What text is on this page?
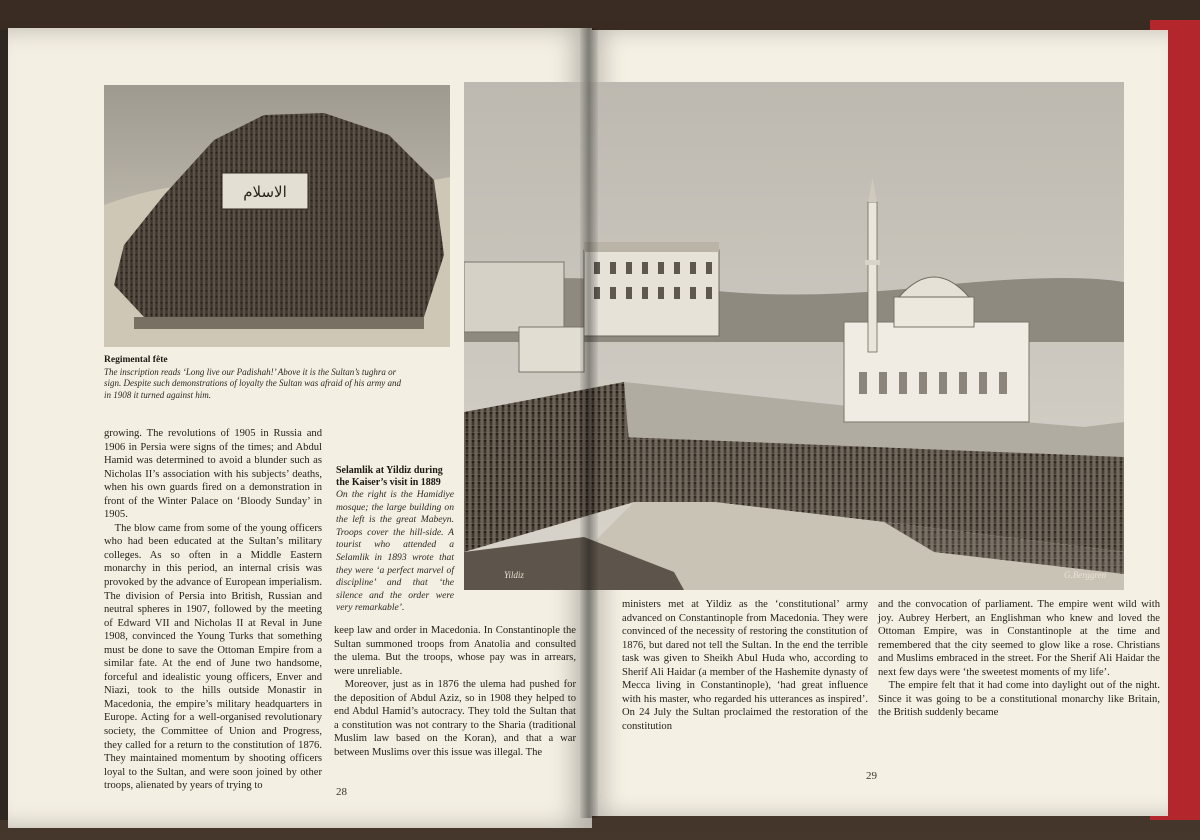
الاسلام
Regimental fête
The inscription reads ‘Long live our Padishah!’ Above it is the Sultan’s tughra or sign. Despite such demonstrations of loyalty the Sultan was afraid of his army and in 1908 it turned against him.
growing. The revolutions of 1905 in Russia and 1906 in Persia were signs of the times; and Abdul Hamid was determined to avoid a blunder such as Nicholas II’s association with his subjects’ deaths, when his own guards fired on a demonstration in front of the Winter Palace on ‘Bloody Sunday’ in 1905.
 The blow came from some of the young officers who had been educated at the Sultan’s military colleges. As so often in a Middle Eastern monarchy in this period, an internal crisis was provoked by the advance of European imperialism. The division of Persia into British, Russian and neutral spheres in 1907, followed by the meeting of Edward VII and Nicholas II at Reval in June 1908, convinced the Young Turks that something must be done to save the Ottoman Empire from a similar fate. At the end of June two handsome, forceful and idealistic young officers, Enver and Niazi, took to the hills outside Monastir in Macedonia, the empire’s military headquarters in Europe. Acting for a well-organised revolutionary society, the Committee of Union and Progress, they called for a return to the constitution of 1876. They maintained momentum by shooting officers loyal to the Sultan, and were soon joined by other troops, alienated by years of trying to
Selamlik at Yildiz during the Kaiser’s visit in 1889
On the right is the Hamidiye mosque; the large building on the left is the great Mabeyn. Troops cover the hill-side. A tourist who attended a Selamlik in 1893 wrote that they were ‘a perfect marvel of discipline’ and that ‘the silence and the order were very remarkable’.
keep law and order in Macedonia. In Constantinople the Sultan summoned troops from Anatolia and consulted the ulema. But the troops, whose pay was in arrears, were unreliable.
 Moreover, just as in 1876 the ulema had pushed for the deposition of Abdul Aziz, so in 1908 they helped to end Abdul Hamid’s autocracy. They told the Sultan that a constitution was not contrary to the Sharia (traditional Muslim law based on the Koran), and that a war between Muslims over this issue was illegal. The
28
Yildiz	G.Berggren
ministers met at Yildiz as the ‘constitutional’ army advanced on Constantinople from Macedonia. They were convinced of the necessity of restoring the constitution of 1876, but dared not tell the Sultan. In the end the terrible task was given to Sheikh Abul Huda who, according to Sherif Ali Haidar (a member of the Hashemite dynasty of Mecca living in Constantinople), ‘had great influence with his master, who regarded his utterances as inspired’. On 24 July the Sultan proclaimed the restoration of the constitution
and the convocation of parliament. The empire went wild with joy. Aubrey Herbert, an Englishman who knew and loved the Ottoman Empire, was in Constantinople at the time and remembered that the city seemed to glow like a rose. Christians and Muslims embraced in the street. For the Sherif Ali Haidar the next few days were ‘the sweetest moments of my life’.
 The empire felt that it had come into daylight out of the night. Since it was going to be a constitutional monarchy like Britain, the British suddenly became
29
